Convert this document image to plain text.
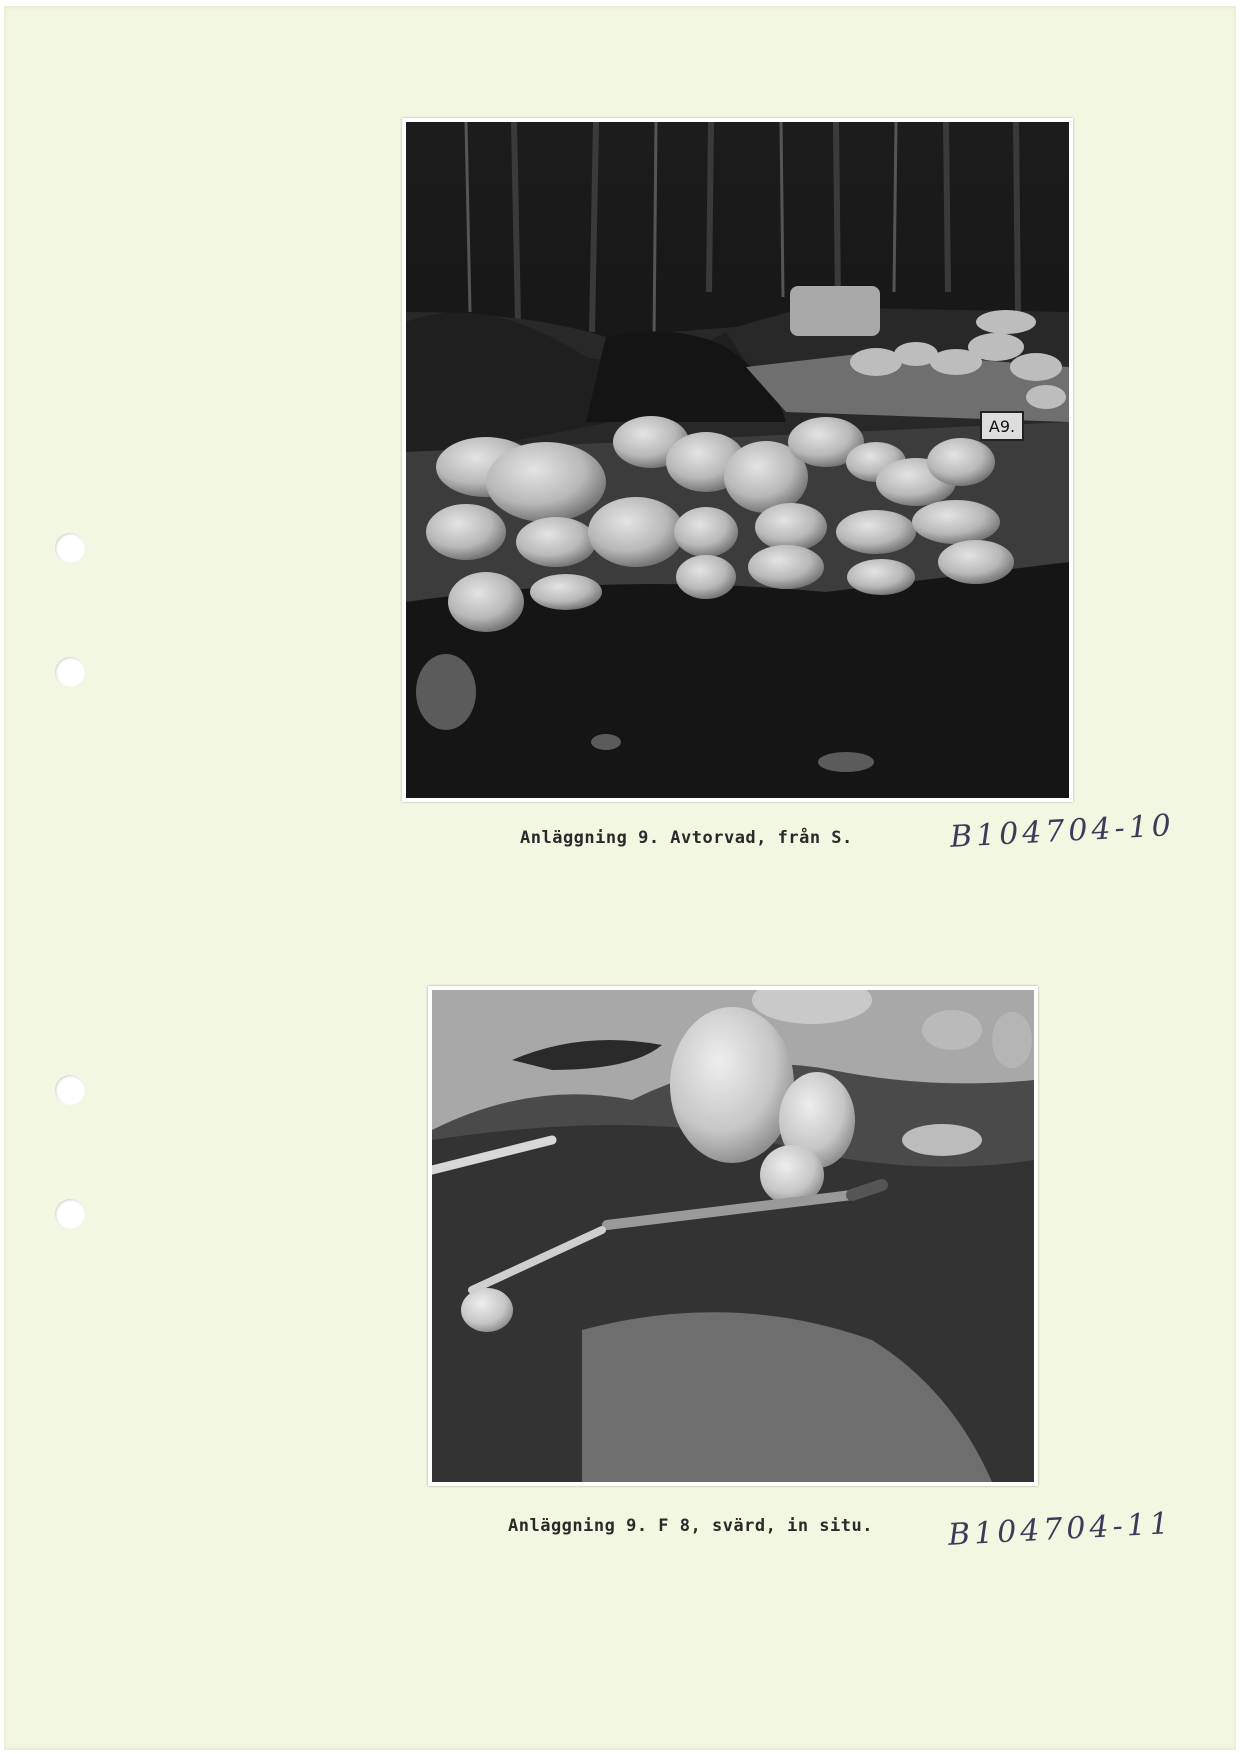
A9.
Anläggning 9. Avtorvad, från S.	B104704-10
Anläggning 9. F 8, svärd, in situ. B104704-11
